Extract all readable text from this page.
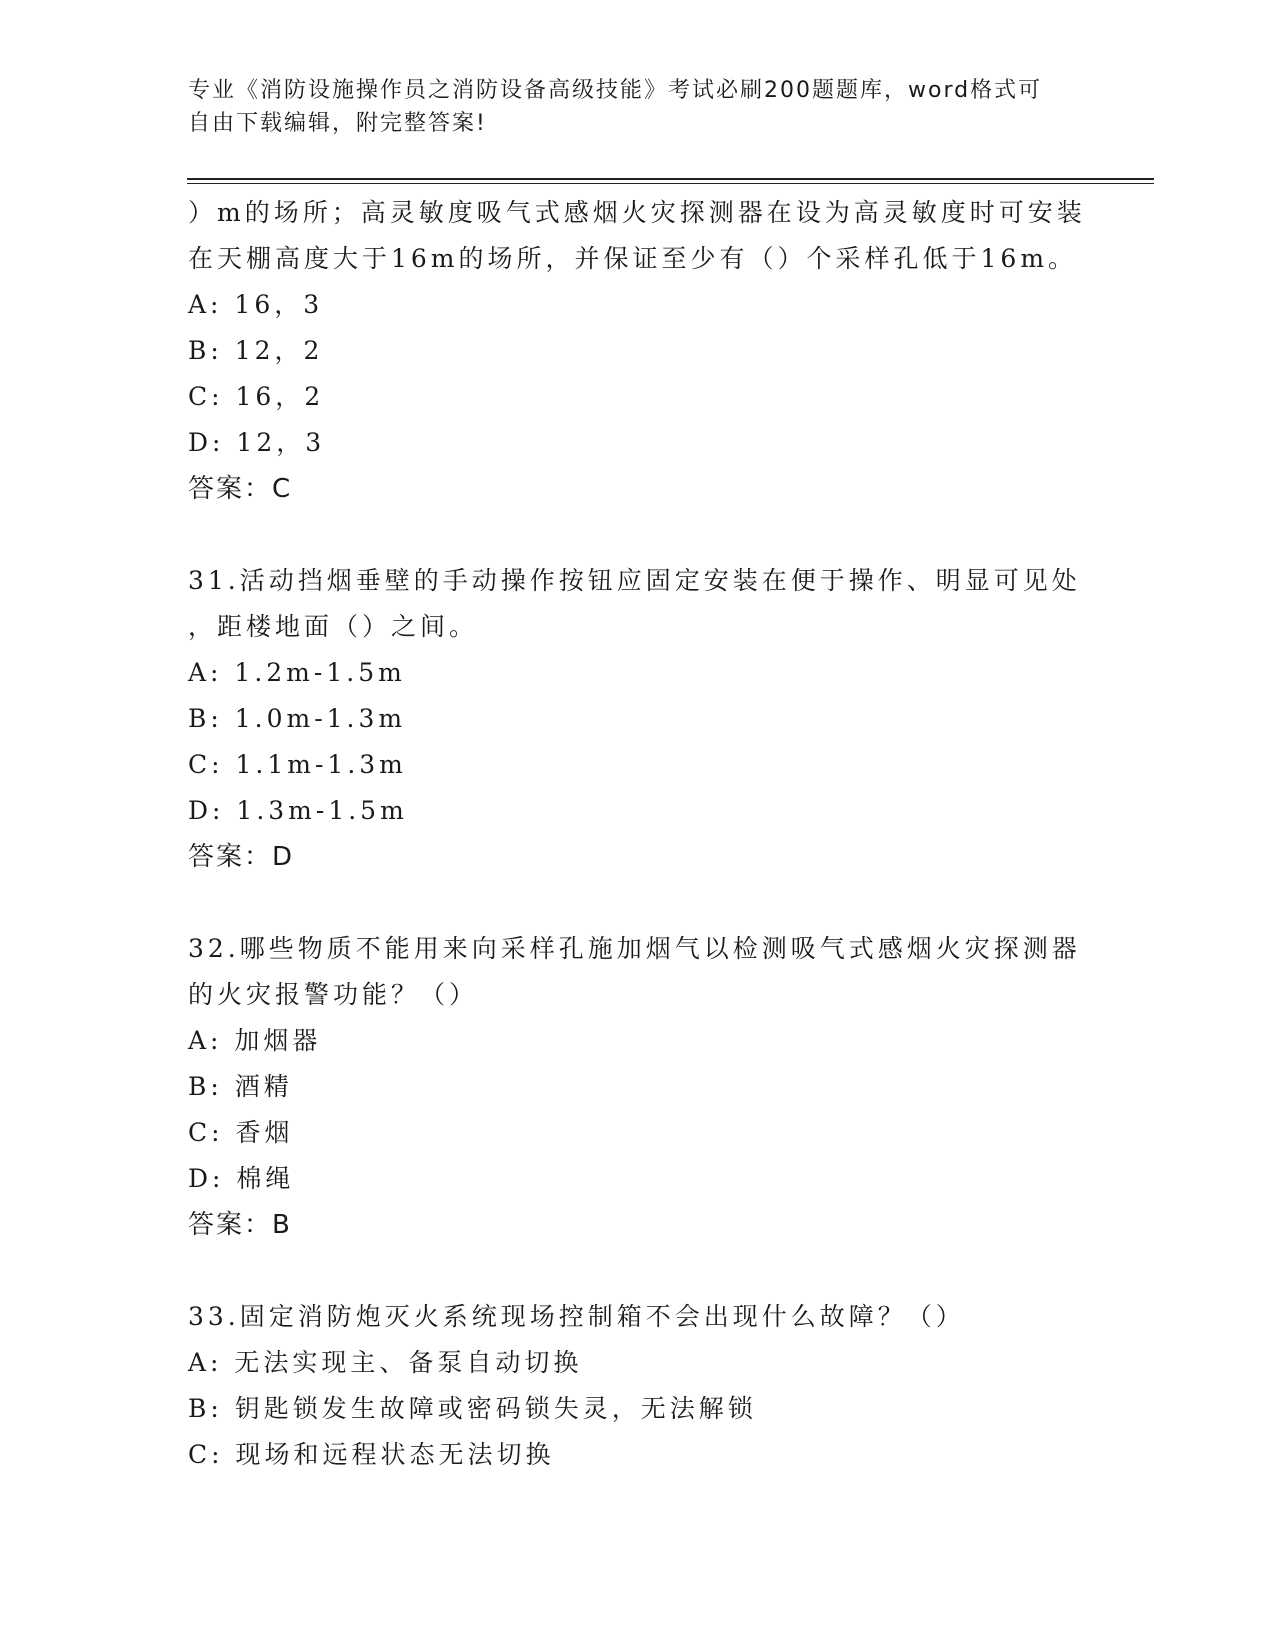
专业《消防设施操作员之消防设备高级技能》考试必刷200题题库，word格式可
自由下载编辑，附完整答案!
）m的场所；高灵敏度吸气式感烟火灾探测器在设为高灵敏度时可安装
在天棚高度大于16m的场所，并保证至少有（）个采样孔低于16m。
A: 16，3
B: 12，2
C: 16，2
D: 12，3
答案：C
31.活动挡烟垂壁的手动操作按钮应固定安装在便于操作、明显可见处
，距楼地面（）之间。
A: 1.2m-1.5m
B: 1.0m-1.3m
C: 1.1m-1.3m
D: 1.3m-1.5m
答案：D
32.哪些物质不能用来向采样孔施加烟气以检测吸气式感烟火灾探测器
的火灾报警功能？（）
A: 加烟器
B: 酒精
C: 香烟
D: 棉绳
答案：B
33.固定消防炮灭火系统现场控制箱不会出现什么故障？（）
A: 无法实现主、备泵自动切换
B: 钥匙锁发生故障或密码锁失灵，无法解锁
C: 现场和远程状态无法切换
